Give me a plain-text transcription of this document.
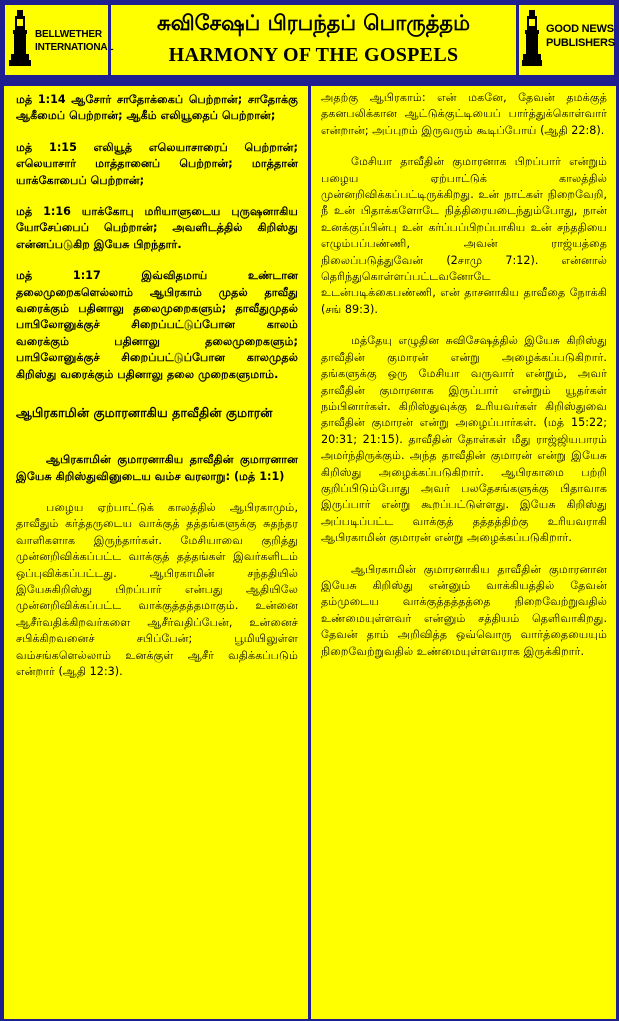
BELLWETHER
INTERNATIONAL
சுவிசேஷப் பிரபந்தப் பொருத்தம்
HARMONY OF THE GOSPELS
GOOD NEWS
PUBLISHERS

மத் 1:14 ஆசோர் சாதோக்கைப் பெற்றான்; சாதோக்கு ஆகீமைப் பெற்றான்; ஆகீம் எலியூதைப் பெற்றான்;

மத் 1:15 எலியூத் எலெயாசாரைப் பெற்றான்; எலெயாசார் மாத்தானைப் பெற்றான்; மாத்தான் யாக்கோபைப் பெற்றான்;

மத் 1:16 யாக்கோபு மரியாளுடைய புருஷனாகிய யோசேப்பைப் பெற்றான்; அவளிடத்தில் கிறிஸ்து என்னப்படுகிற இயேசு பிறந்தார்.

மத் 1:17 இவ்விதமாய் உண்டான தலைமுறைகளெல்லாம் ஆபிரகாம் முதல் தாவீது வரைக்கும் பதினாலு தலைமுறைகளும்; தாவீதுமுதல் பாபிலோனுக்குச் சிறைப்பட்டுப்போன காலம் வரைக்கும் பதினாலு தலைமுறைகளும்; பாபிலோனுக்குச் சிறைப்பட்டுப்போன காலமுதல் கிறிஸ்து வரைக்கும் பதினாலு தலை முறைகளுமாம்.

ஆபிரகாமின் குமாரனாகிய தாவீதின் குமாரன்

ஆபிரகாமின் குமாரனாகிய தாவீதின் குமாரனான இயேசு கிறிஸ்துவினுடைய வம்ச வரலாறு: (மத் 1:1)

பழைய ஏற்பாட்டுக் காலத்தில் ஆபிரகாமும், தாவீதும் கர்த்தருடைய வாக்குத் தத்தங்களுக்கு சுதந்தர வாளிகளாக இருந்தார்கள். மேசியாவை குறித்து முன்னறிவிக்கப்பட்ட வாக்குத் தத்தங்கள் இவர்களிடம் ஒப்புவிக்கப்பட்டது. ஆபிரகாமின் சந்ததியில் இயேசுகிறிஸ்து பிறப்பார் என்பது ஆதியிலே முன்னறிவிக்கப்பட்ட வாக்குத்தத்தமாகும். உன்னை ஆசீர்வதிக்கிறவர்களை ஆசீர்வதிப்பேன், உன்னைச் சபிக்கிறவனைச் சபிப்பேன்; பூமியிலுள்ள வம்சங்களெல்லாம் உனக்குள் ஆசீர் வதிக்கப்படும் என்றார் (ஆதி 12:3).

அதற்கு ஆபிரகாம்: என் மகனே, தேவன் தமக்குத் தகனபலிக்கான ஆட்டுக்குட்டியைப் பார்த்துக்கொள்வார் என்றான்; அப்புறம் இருவரும் கூடிப்போய் (ஆதி 22:8).

மேசியா தாவீதின் குமாரனாக பிறப்பார் என்றும் பழைய ஏற்பாட்டுக் காலத்தில் முன்னறிவிக்கப்பட்டிருக்கிறது. உன் நாட்கள் நிறைவேறி, நீ உன் பிதாக்களோடே நித்திரையடைந்தும்போது, நான் உனக்குப்பின்பு உன் கர்ப்பப்பிறப்பாகிய உன் சந்ததியை எழும்பப்பண்ணி, அவன் ராஜ்யத்தை நிலைப்படுத்துவேன் (2சாமு 7:12). என்னால் தெரிந்துகொள்ளப்பட்டவனோடே உடன்படிக்கைபண்ணி, என் தாசனாகிய தாவீதை நோக்கி (சங் 89:3).

மத்தேயு எழுதின சுவிசேஷத்தில் இயேசு கிறிஸ்து தாவீதின் குமாரன் என்று அழைக்கப்படுகிறார். தங்களுக்கு ஒரு மேசியா வருவார் என்றும், அவர் தாவீதின் குமாரனாக இருப்பார் என்றும் யூதர்கள் நம்பினார்கள். கிறிஸ்துவுக்கு உரியவர்கள் கிறிஸ்துவை தாவீதின் குமாரன் என்று அழைப்பார்கள். (மத் 15:22; 20:31; 21:15). தாவீதின் தோள்கள் மீது ராஜ்ஜியபாரம் அமர்ந்திருக்கும். அந்த தாவீதின் குமாரன் என்று இயேசு கிறிஸ்து அழைக்கப்படுகிறார். ஆபிரகாமை பற்றி குறிப்பிடும்போது அவர் பலதேசங்களுக்கு பிதாவாக இருப்பார் என்று கூறப்பட்டுள்ளது. இயேசு கிறிஸ்து அப்படிப்பட்ட வாக்குத் தத்தத்திற்கு உரியவராகி ஆபிரகாமின் குமாரன் என்று அழைக்கப்படுகிறார்.

ஆபிரகாமின் குமாரனாகிய தாவீதின் குமாரனான இயேசு கிறிஸ்து என்னும் வாக்கியத்தில் தேவன் தம்முடைய வாக்குத்தத்தத்தை நிறைவேற்றுவதில் உண்மையுள்ளவர் என்னும் சத்தியம் தெளிவாகிறது. தேவன் தாம் அறிவித்த ஒவ்வொரு வார்த்தையையும் நிறைவேற்றுவதில் உண்மையுள்ளவராக இருக்கிறார்.
